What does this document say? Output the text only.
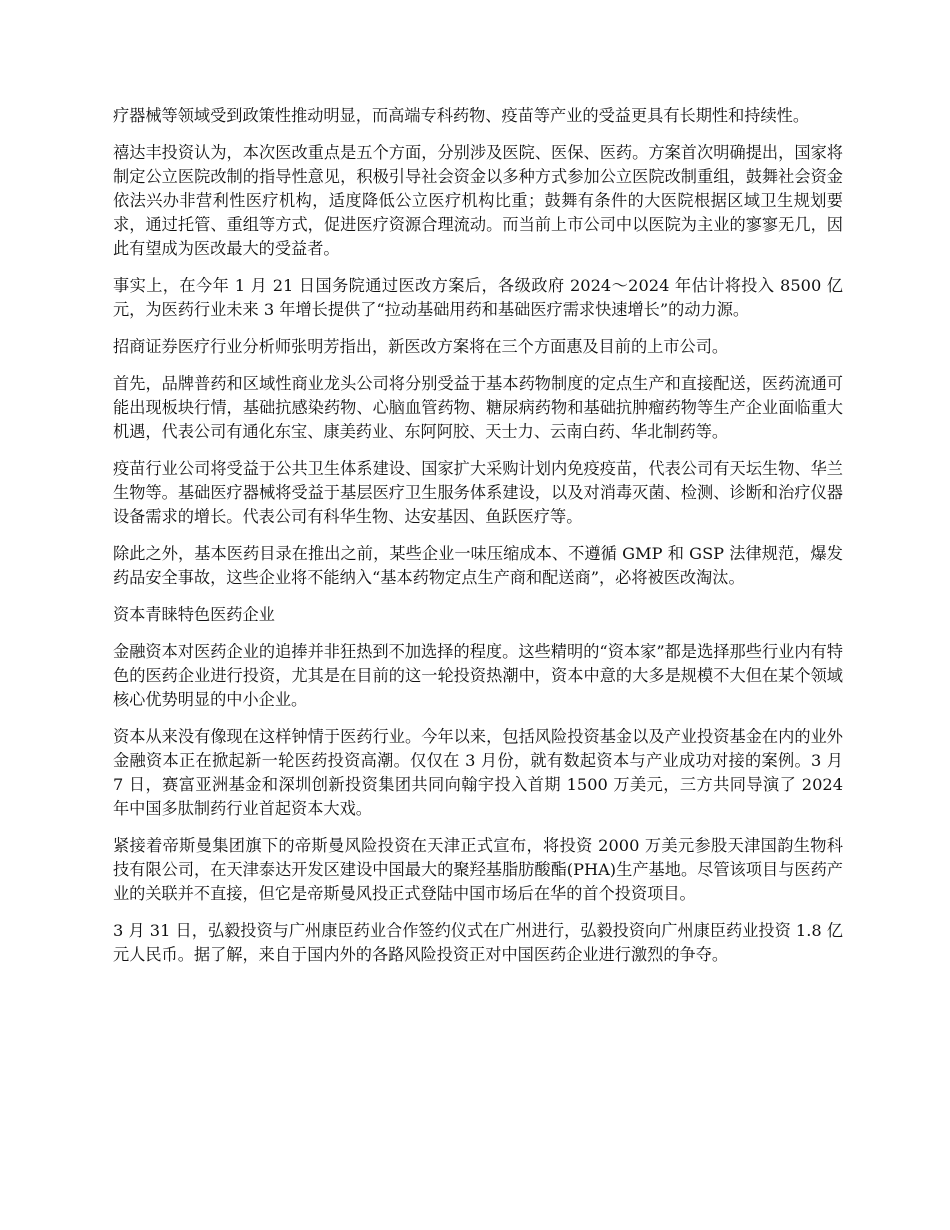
疗器械等领域受到政策性推动明显，而高端专科药物、疫苗等产业的受益更具有长期性和持续性。

禧达丰投资认为，本次医改重点是五个方面，分别涉及医院、医保、医药。方案首次明确提出，国家将制定公立医院改制的指导性意见，积极引导社会资金以多种方式参加公立医院改制重组，鼓舞社会资金依法兴办非营利性医疗机构，适度降低公立医疗机构比重；鼓舞有条件的大医院根据区域卫生规划要求，通过托管、重组等方式，促进医疗资源合理流动。而当前上市公司中以医院为主业的寥寥无几，因此有望成为医改最大的受益者。

事实上，在今年 1 月 21 日国务院通过医改方案后，各级政府 2024～2024 年估计将投入 8500 亿元，为医药行业未来 3 年增长提供了“拉动基础用药和基础医疗需求快速增长”的动力源。

招商证券医疗行业分析师张明芳指出，新医改方案将在三个方面惠及目前的上市公司。

首先，品牌普药和区域性商业龙头公司将分别受益于基本药物制度的定点生产和直接配送，医药流通可能出现板块行情，基础抗感染药物、心脑血管药物、糖尿病药物和基础抗肿瘤药物等生产企业面临重大机遇，代表公司有通化东宝、康美药业、东阿阿胶、天士力、云南白药、华北制药等。

疫苗行业公司将受益于公共卫生体系建设、国家扩大采购计划内免疫疫苗，代表公司有天坛生物、华兰生物等。基础医疗器械将受益于基层医疗卫生服务体系建设，以及对消毒灭菌、检测、诊断和治疗仪器设备需求的增长。代表公司有科华生物、达安基因、鱼跃医疗等。

除此之外，基本医药目录在推出之前，某些企业一味压缩成本、不遵循 GMP 和 GSP 法律规范，爆发药品安全事故，这些企业将不能纳入“基本药物定点生产商和配送商”，必将被医改淘汰。

资本青睐特色医药企业

金融资本对医药企业的追捧并非狂热到不加选择的程度。这些精明的“资本家”都是选择那些行业内有特色的医药企业进行投资，尤其是在目前的这一轮投资热潮中，资本中意的大多是规模不大但在某个领域核心优势明显的中小企业。

资本从来没有像现在这样钟情于医药行业。今年以来，包括风险投资基金以及产业投资基金在内的业外金融资本正在掀起新一轮医药投资高潮。仅仅在 3 月份，就有数起资本与产业成功对接的案例。3 月 7 日，赛富亚洲基金和深圳创新投资集团共同向翰宇投入首期 1500 万美元，三方共同导演了 2024 年中国多肽制药行业首起资本大戏。

紧接着帝斯曼集团旗下的帝斯曼风险投资在天津正式宣布，将投资 2000 万美元参股天津国韵生物科技有限公司，在天津泰达开发区建设中国最大的聚羟基脂肪酸酯(PHA)生产基地。尽管该项目与医药产业的关联并不直接，但它是帝斯曼风投正式登陆中国市场后在华的首个投资项目。

3 月 31 日，弘毅投资与广州康臣药业合作签约仪式在广州进行，弘毅投资向广州康臣药业投资 1.8 亿元人民币。据了解，来自于国内外的各路风险投资正对中国医药企业进行激烈的争夺。
